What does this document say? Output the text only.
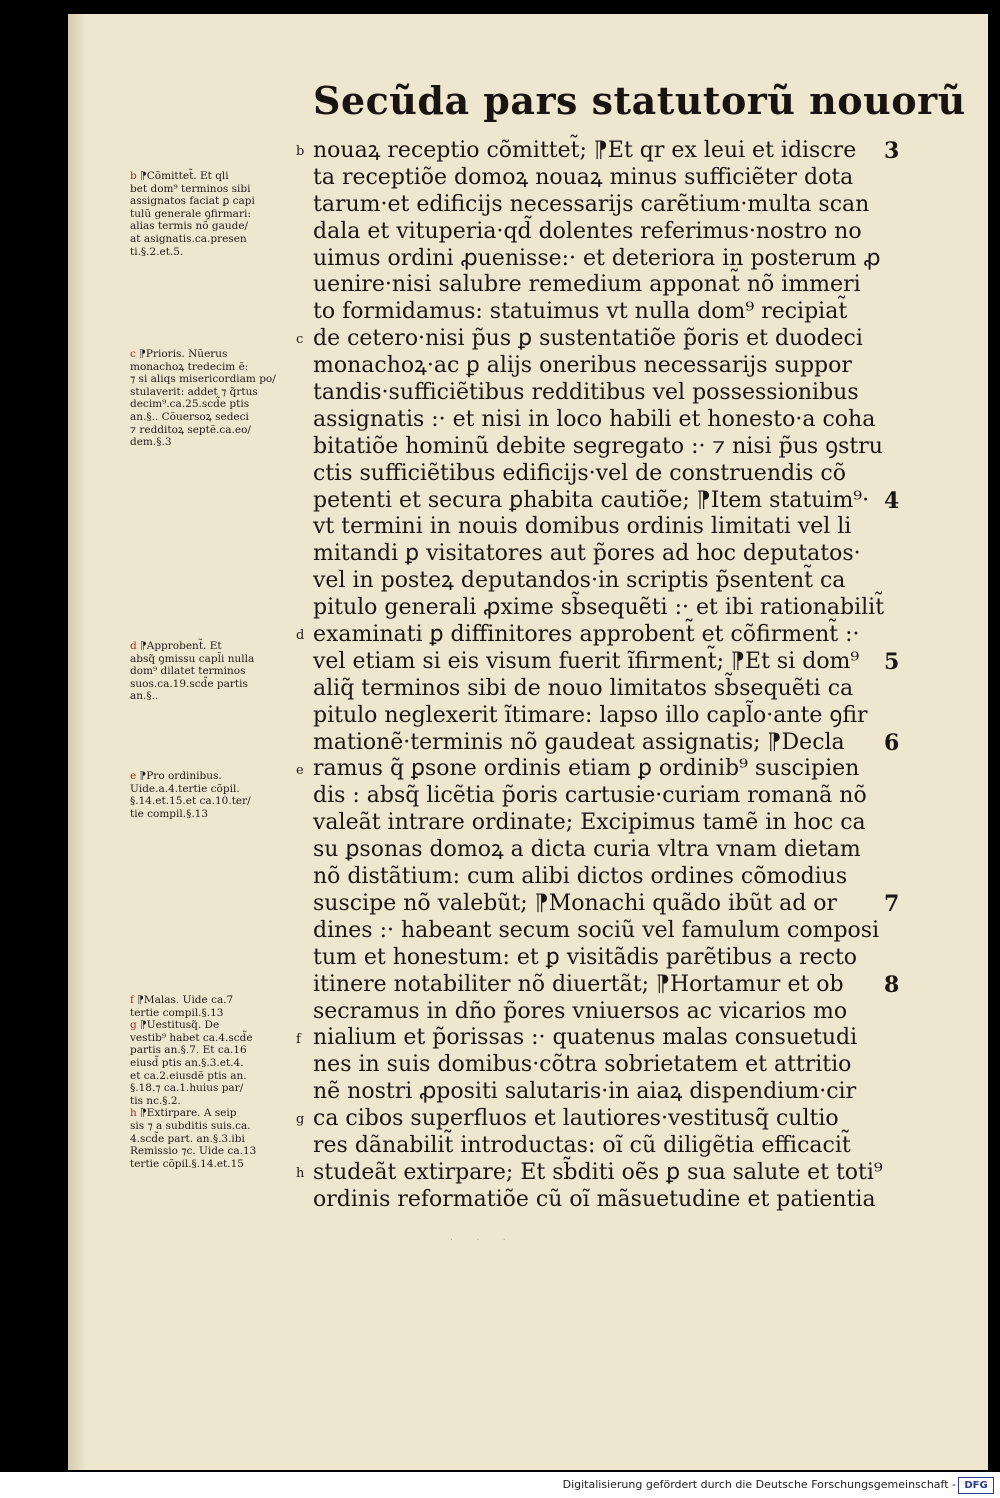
Secũda pars statutorũ nouorũ
nouaꝝ receptio cõmittet̃; ⁋Et qr ex leui et idiscre
ta receptiõe domoꝝ nouaꝝ minus sufficiẽter dota
tarum·et edificijs necessarijs carẽtium·multa scan
dala et vituperia·qd̃ dolentes referimus·nostro no
uimus ordini ꝓuenisse:· et deteriora in posterum ꝓ
uenire·nisi salubre remedium apponat̃ nõ immeri
to formidamus: statuimus vt nulla dom⁹ recipiat̃
de cetero·nisi p̃us ꝑ sustentatiõe p̃oris et duodeci
monachoꝝ·ac ꝑ alijs oneribus necessarijs suppor
tandis·sufficiẽtibus redditibus vel possessionibus
assignatis :· et nisi in loco habili et honesto·a coha
bitatiõe hominũ debite segregato :· ⁊ nisi p̃us ꝯstru
ctis sufficiẽtibus edificijs·vel de construendis cõ
petenti et secura ꝑhabita cautiõe; ⁋Item statuim⁹·
vt termini in nouis domibus ordinis limitati vel li
mitandi ꝑ visitatores aut p̃ores ad hoc deputatos·
vel in posteꝝ deputandos·in scriptis p̃sentent̃ ca
pitulo generali ꝓxime sb̃sequẽti :· et ibi rationabilit̃
examinati ꝑ diffinitores approbent̃ et cõfirment̃ :·
vel etiam si eis visum fuerit ĩfirment̃; ⁋Et si dom⁹
aliq̃ terminos sibi de nouo limitatos sb̃sequẽti ca
pitulo neglexerit ĩtimare: lapso illo capl̃o·ante ꝯfir
mationẽ·terminis nõ gaudeat assignatis; ⁋Decla
ramus q̃ ꝑsone ordinis etiam ꝑ ordinib⁹ suscipien
dis : absq̃ licẽtia p̃oris cartusie·curiam romanã nõ
valeãt intrare ordinate; Excipimus tamẽ in hoc ca
su ꝑsonas domoꝝ a dicta curia vltra vnam dietam
nõ distãtium: cum alibi dictos ordines cõmodius
suscipe nõ valebũt; ⁋Monachi quãdo ibũt ad or
dines :· habeant secum sociũ vel famulum composi
tum et honestum: et ꝑ visitãdis parẽtibus a recto
itinere notabiliter nõ diuertãt; ⁋Hortamur et ob
secramus in dño p̃ores vniuersos ac vicarios mo
nialium et p̃orissas :· quatenus malas consuetudi
nes in suis domibus·cõtra sobrietatem et attritio
nẽ nostri ꝓpositi salutaris·in aiaꝝ dispendium·cir
ca cibos superfluos et lautiores·vestitusq̃ cultio
res dãnabilit̃ introductas: oĩ cũ diligẽtia efficacit̃
studeãt extirpare; Et sb̃diti oẽs ꝑ sua salute et toti⁹
ordinis reformatiõe cũ oĩ mãsuetudine et patientia
b
c
d
e
f
g
h
3
4
5
6
7
8
b ⁋Cõmittet̃. Et qli
bet dom⁹ terminos sibi
assignatos faciat ꝑ capi
tulũ generale ꝯfirmari:
alias termis nõ gaude/
at asignatis.ca.presen
ti.§.2.et.5.
c ⁋Prioris. Nũerus
monachoꝝ tredecim ẽ:
⁊ si aliqs misericordiam po/
stulaverit: addet ⁊ q̃rtus
decim⁹.ca.25.scd̃e ptis
an.§.. Cõuersoꝝ sedeci
⁊ redditoꝝ septẽ.ca.eo/
dem.§.3
d ⁋Approbent̃. Et
absq̃ ꝯmissu capl̃i nulla
dom⁹ dilatet terminos
suos.ca.19.scd̃e partis
an.§..
e ⁋Pro ordinibus.
Uide.a.4.tertie cõpil.
§.14.et.15.et ca.10.ter/
tie compil.§.13
f ⁋Malas. Uide ca.7
tertie compil.§.13
g ⁋Uestitusq̃. De
vestib⁹ habet ca.4.scd̃e
partis an.§.7. Et ca.16
eiusd̃ ptis an.§.3.et.4.
et ca.2.eiusdẽ ptis an.
§.18.⁊ ca.1.huius par/
tis nc.§.2.
h ⁋Extirpare. A seip
sis ⁊ a subditis suis.ca.
4.scd̃e part. an.§.3.ibi
Remissio ⁊c. Uide ca.13
tertie cõpil.§.14.et.15
· · ·
Digitalisierung gefördert durch die Deutsche Forschungsgemeinschaft - DFG
